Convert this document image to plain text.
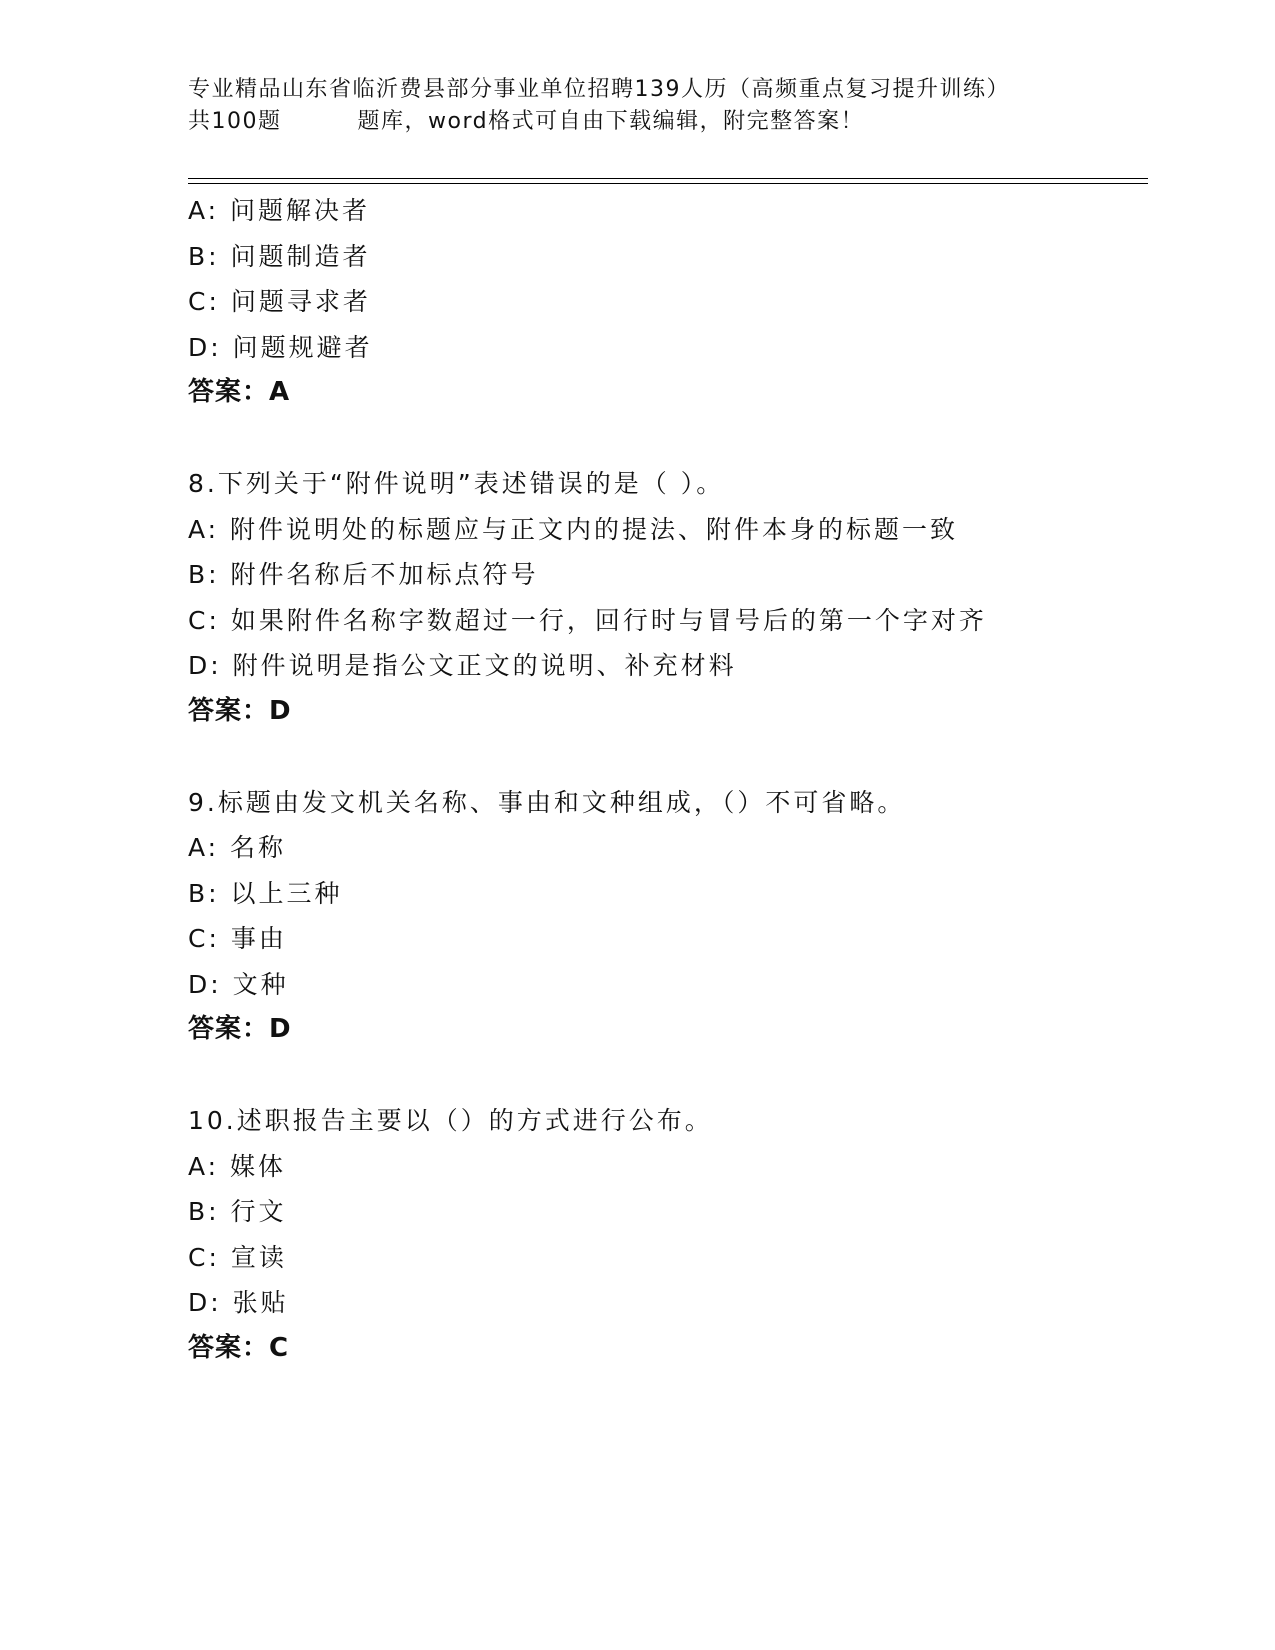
专业精品山东省临沂费县部分事业单位招聘139人历（高频重点复习提升训练）
共100题	题库，word格式可自由下载编辑，附完整答案！
A: 问题解决者
B: 问题制造者
C: 问题寻求者
D: 问题规避者
答案：A
8.下列关于“附件说明”表述错误的是（ ）。
A: 附件说明处的标题应与正文内的提法、附件本身的标题一致
B: 附件名称后不加标点符号
C: 如果附件名称字数超过一行，回行时与冒号后的第一个字对齐
D: 附件说明是指公文正文的说明、补充材料
答案：D
9.标题由发文机关名称、事由和文种组成，（）不可省略。
A: 名称
B: 以上三种
C: 事由
D: 文种
答案：D
10.述职报告主要以（）的方式进行公布。
A: 媒体
B: 行文
C: 宣读
D: 张贴
答案：C
